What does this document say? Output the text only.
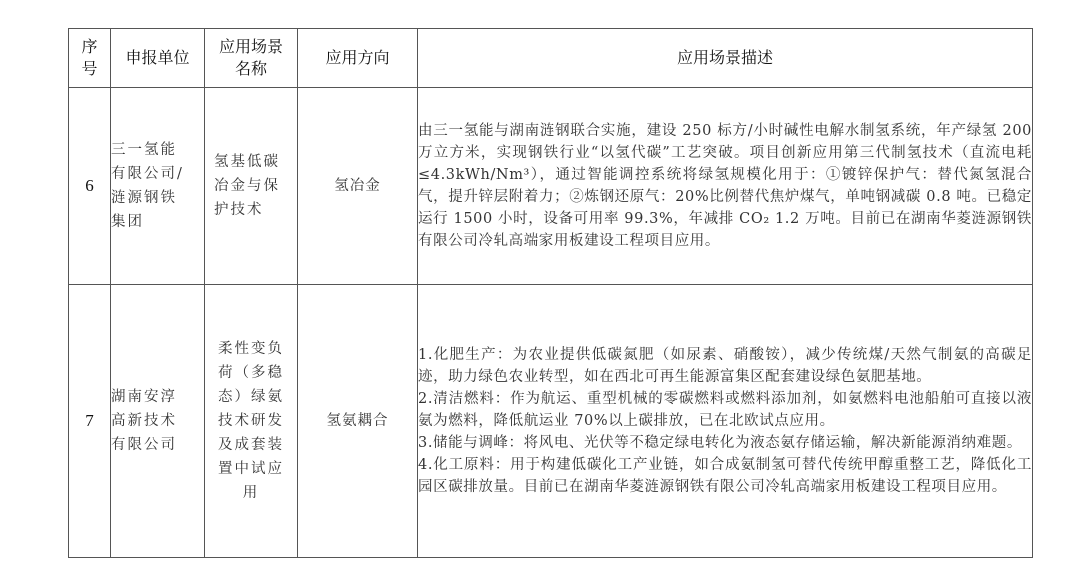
序号	申报单位	应用场景名称	应用方向	应用场景描述
6	三一氢能有限公司/涟源钢铁集团	氢基低碳冶金与保护技术	氢冶金	由三一氢能与湖南涟钢联合实施，建设 250 标方/小时碱性电解水制氢系统，年产绿氢 200 万立方米，实现钢铁行业“以氢代碳”工艺突破。项目创新应用第三代制氢技术（直流电耗≤4.3kWh/Nm³），通过智能调控系统将绿氢规模化用于：①镀锌保护气：替代氮氢混合气，提升锌层附着力；②炼钢还原气：20%比例替代焦炉煤气，单吨钢减碳 0.8 吨。已稳定运行 1500 小时，设备可用率 99.3%，年减排 CO₂ 1.2 万吨。目前已在湖南华菱涟源钢铁有限公司冷轧高端家用板建设工程项目应用。

7	湖南安淳高新技术有限公司	柔性变负荷（多稳态）绿氨技术研发及成套装置中试应用	氢氨耦合	1.化肥生产：为农业提供低碳氮肥（如尿素、硝酸铵），减少传统煤/天然气制氨的高碳足迹，助力绿色农业转型，如在西北可再生能源富集区配套建设绿色氨肥基地。

2.清洁燃料：作为航运、重型机械的零碳燃料或燃料添加剂，如氨燃料电池船舶可直接以液氨为燃料，降低航运业 70%以上碳排放，已在北欧试点应用。

3.储能与调峰：将风电、光伏等不稳定绿电转化为液态氨存储运输，解决新能源消纳难题。

4.化工原料：用于构建低碳化工产业链，如合成氨制氢可替代传统甲醇重整工艺，降低化工园区碳排放量。目前已在湖南华菱涟源钢铁有限公司冷轧高端家用板建设工程项目应用。
